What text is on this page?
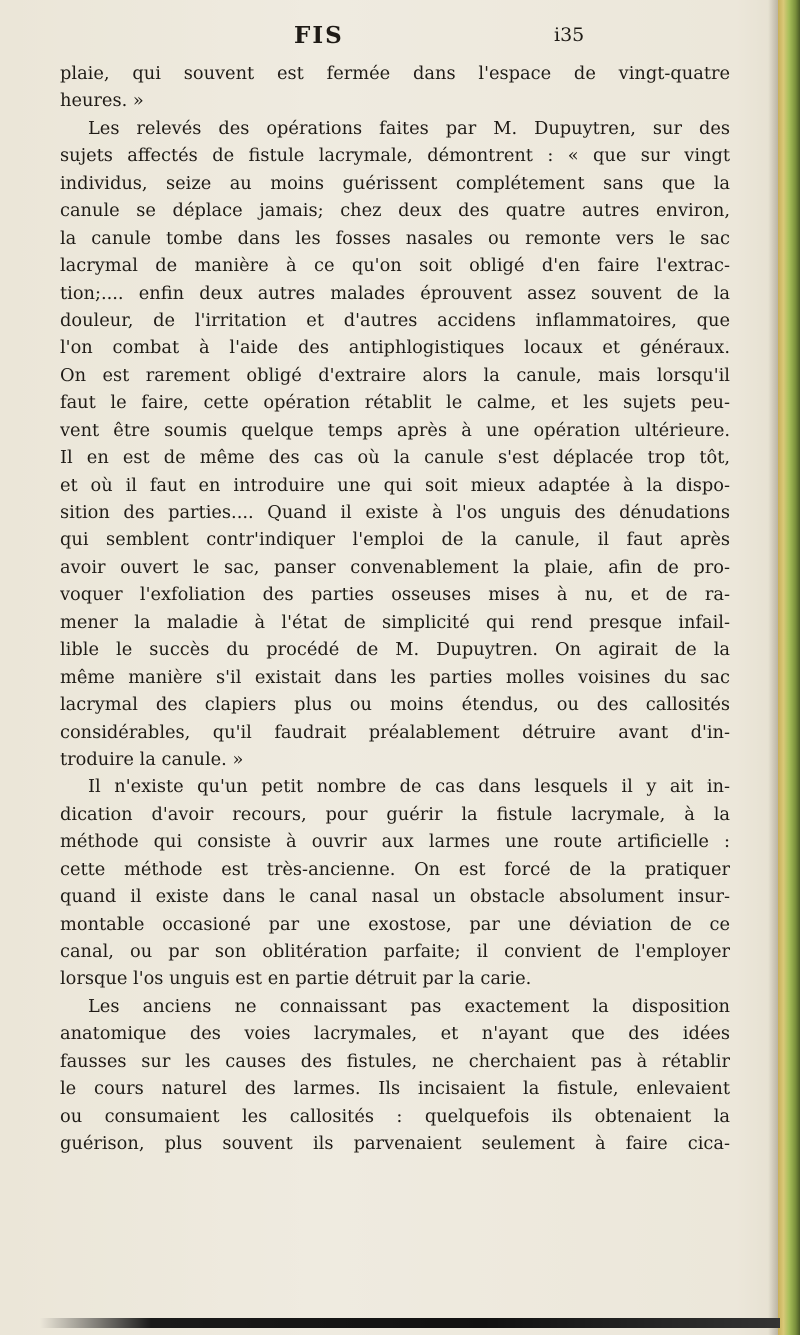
FIS	i35
plaie, qui souvent est fermée dans l'espace de vingt-quatre
heures. »
Les relevés des opérations faites par M. Dupuytren, sur des
sujets affectés de fistule lacrymale, démontrent : « que sur vingt
individus, seize au moins guérissent complétement sans que la
canule se déplace jamais; chez deux des quatre autres environ,
la canule tombe dans les fosses nasales ou remonte vers le sac
lacrymal de manière à ce qu'on soit obligé d'en faire l'extrac-
tion;.... enfin deux autres malades éprouvent assez souvent de la
douleur, de l'irritation et d'autres accidens inflammatoires, que
l'on combat à l'aide des antiphlogistiques locaux et généraux.
On est rarement obligé d'extraire alors la canule, mais lorsqu'il
faut le faire, cette opération rétablit le calme, et les sujets peu-
vent être soumis quelque temps après à une opération ultérieure.
Il en est de même des cas où la canule s'est déplacée trop tôt,
et où il faut en introduire une qui soit mieux adaptée à la dispo-
sition des parties.... Quand il existe à l'os unguis des dénudations
qui semblent contr'indiquer l'emploi de la canule, il faut après
avoir ouvert le sac, panser convenablement la plaie, afin de pro-
voquer l'exfoliation des parties osseuses mises à nu, et de ra-
mener la maladie à l'état de simplicité qui rend presque infail-
lible le succès du procédé de M. Dupuytren. On agirait de la
même manière s'il existait dans les parties molles voisines du sac
lacrymal des clapiers plus ou moins étendus, ou des callosités
considérables, qu'il faudrait préalablement détruire avant d'in-
troduire la canule. »
Il n'existe qu'un petit nombre de cas dans lesquels il y ait in-
dication d'avoir recours, pour guérir la fistule lacrymale, à la
méthode qui consiste à ouvrir aux larmes une route artificielle :
cette méthode est très-ancienne. On est forcé de la pratiquer
quand il existe dans le canal nasal un obstacle absolument insur-
montable occasioné par une exostose, par une déviation de ce
canal, ou par son oblitération parfaite; il convient de l'employer
lorsque l'os unguis est en partie détruit par la carie.
Les anciens ne connaissant pas exactement la disposition
anatomique des voies lacrymales, et n'ayant que des idées
fausses sur les causes des fistules, ne cherchaient pas à rétablir
le cours naturel des larmes. Ils incisaient la fistule, enlevaient
ou consumaient les callosités : quelquefois ils obtenaient la
guérison, plus souvent ils parvenaient seulement à faire cica-
